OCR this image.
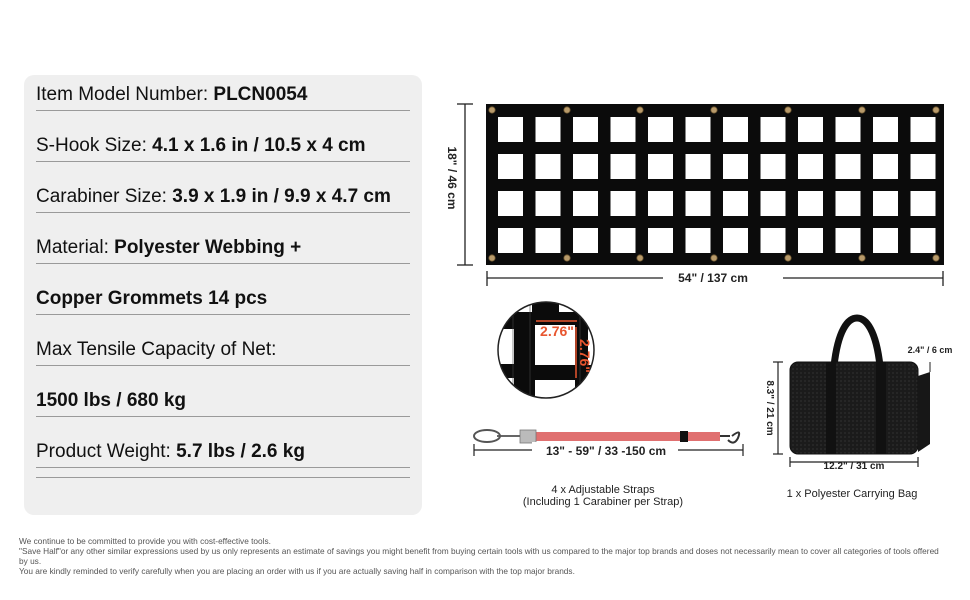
Item Model Number: PLCN0054
S-Hook Size: 4.1 x 1.6 in / 10.5 x 4 cm
Carabiner Size: 3.9 x 1.9 in / 9.9 x 4.7 cm
Material: Polyester Webbing +
Copper Grommets 14 pcs
Max Tensile Capacity of Net:
1500 lbs / 680 kg
Product Weight: 5.7 lbs / 2.6 kg
18" / 46 cm
54" / 137 cm
2.76"
2.76"
13" - 59" / 33 -150 cm
8.3" / 21 cm
2.4" / 6 cm
12.2" / 31 cm
4 x Adjustable Straps
(Including 1 Carabiner per Strap)
1 x Polyester Carrying Bag
We continue to be committed to provide you with cost-effective tools.
"Save Half"or any other similar expressions used by us only represents an estimate of savings you might benefit from buying certain tools with us compared to the major top brands and doses not necessarily mean to cover all categories of tools offered by us.
You are kindly reminded to verify carefully when you are placing an order with us if you are actually saving half in comparison with the top major brands.
